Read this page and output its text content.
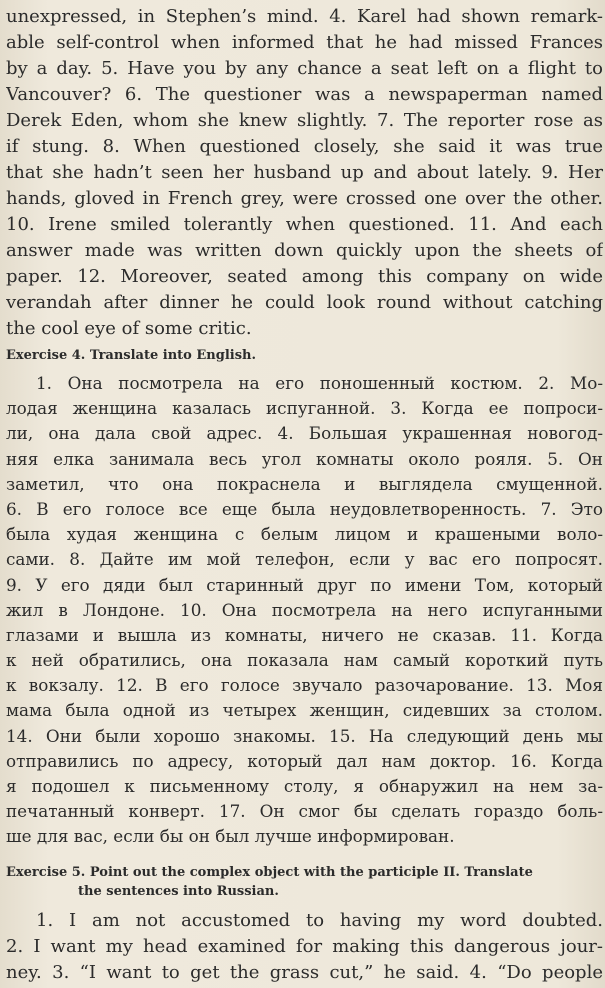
unexpressed, in Stephen’s mind. 4. Karel had shown remark-
able self-control when informed that he had missed Frances
by a day. 5. Have you by any chance a seat left on a flight to
Vancouver? 6. The questioner was a newspaperman named
Derek Eden, whom she knew slightly. 7. The reporter rose as
if stung. 8. When questioned closely, she said it was true
that she hadn’t seen her husband up and about lately. 9. Her
hands, gloved in French grey, were crossed one over the other.
10. Irene smiled tolerantly when questioned. 11. And each
answer made was written down quickly upon the sheets of
paper. 12. Moreover, seated among this company on wide
verandah after dinner he could look round without catching
the cool eye of some critic.
Exercise 4. Translate into English.
1. Она посмотрела на его поношенный костюм. 2. Мо-
лодая женщина казалась испуганной. 3. Когда ее попроси-
ли, она дала свой адрес. 4. Большая украшенная новогод-
няя елка занимала весь угол комнаты около рояля. 5. Он
заметил, что она покраснела и выглядела смущенной.
6. В его голосе все еще была неудовлетворенность. 7. Это
была худая женщина с белым лицом и крашеными воло-
сами. 8. Дайте им мой телефон, если у вас его попросят.
9. У его дяди был старинный друг по имени Том, который
жил в Лондоне. 10. Она посмотрела на него испуганными
глазами и вышла из комнаты, ничего не сказав. 11. Когда
к ней обратились, она показала нам самый короткий путь
к вокзалу. 12. В его голосе звучало разочарование. 13. Моя
мама была одной из четырех женщин, сидевших за столом.
14. Они были хорошо знакомы. 15. На следующий день мы
отправились по адресу, который дал нам доктор. 16. Когда
я подошел к письменному столу, я обнаружил на нем за-
печатанный конверт. 17. Он смог бы сделать гораздо боль-
ше для вас, если бы он был лучше информирован.
Exercise 5. Point out the complex object with the participle II. Translate
the sentences into Russian.
1. I am not accustomed to having my word doubted.
2. I want my head examined for making this dangerous jour-
ney. 3. “I want to get the grass cut,” he said. 4. “Do people
